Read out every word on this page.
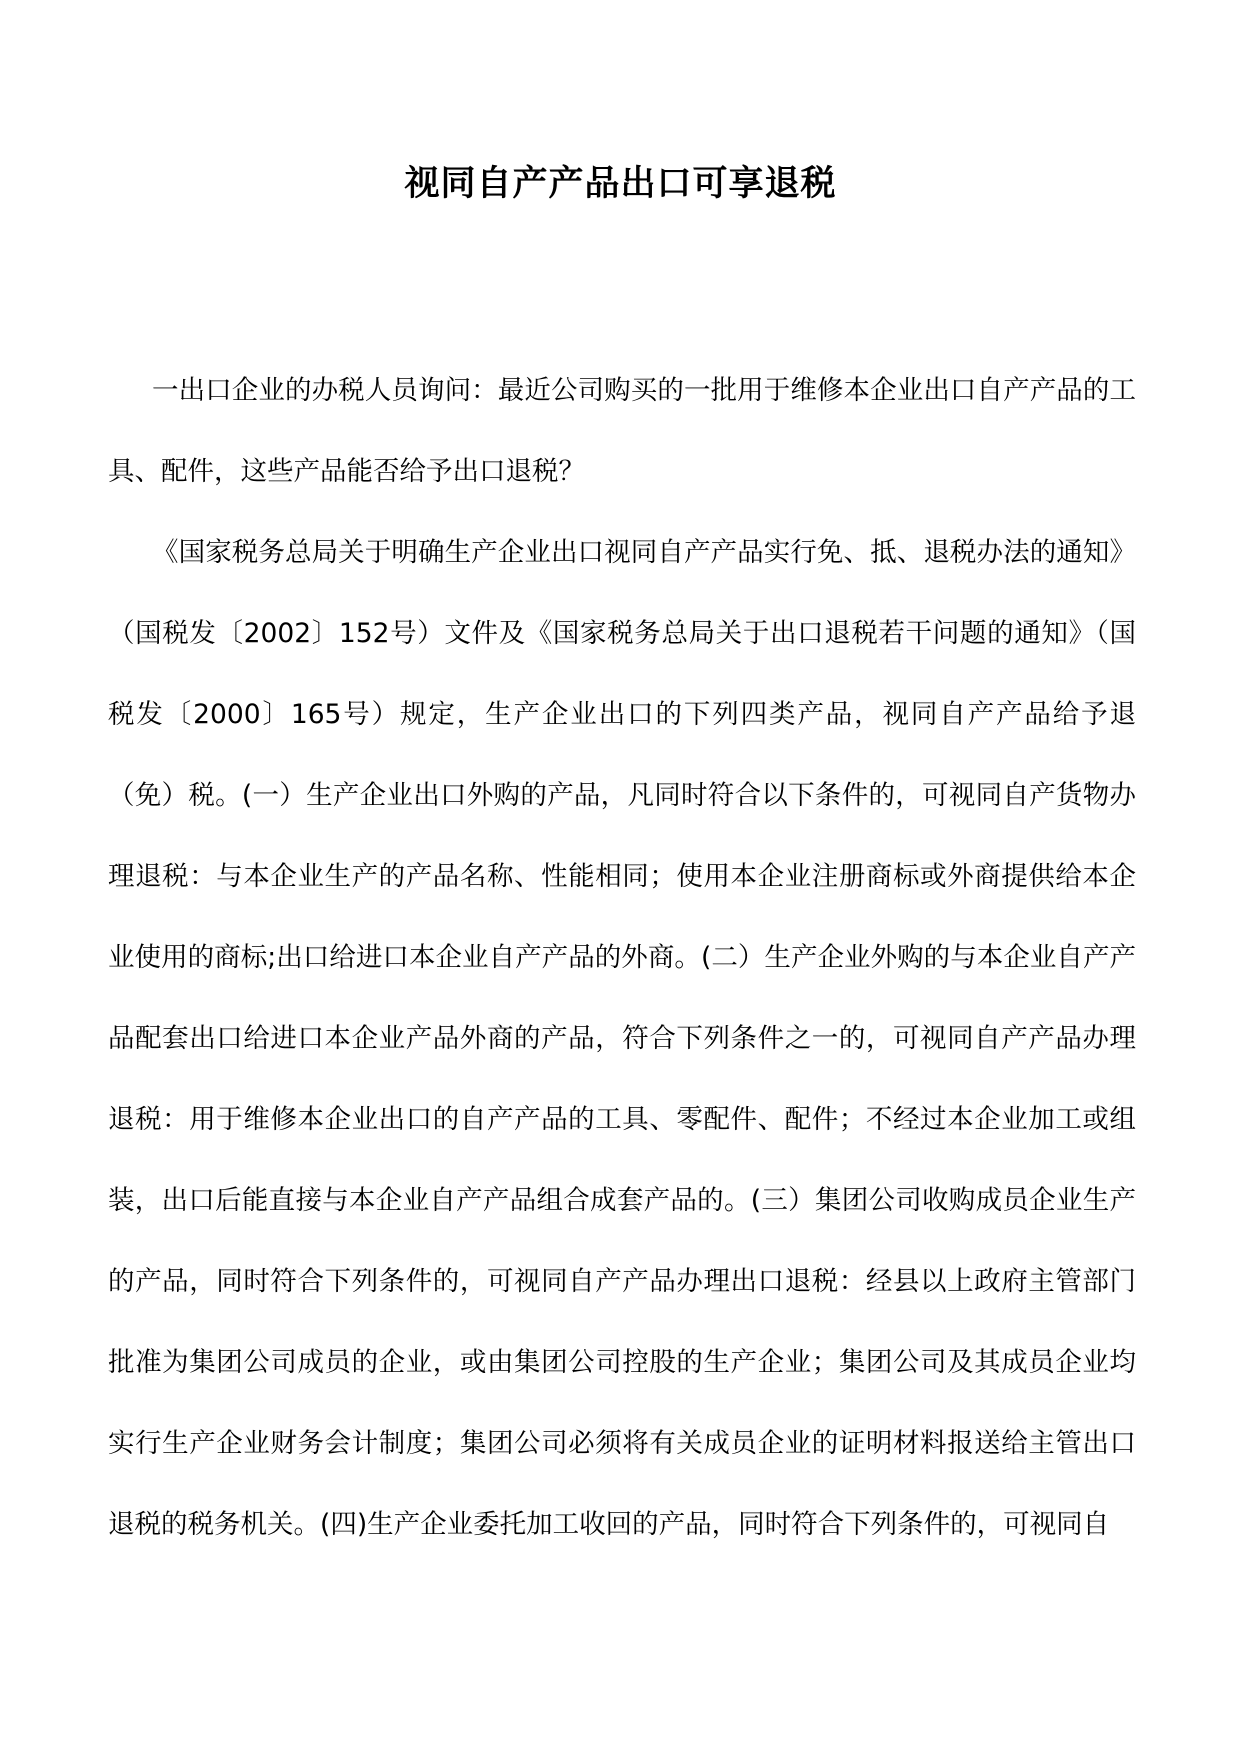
视同自产产品出口可享退税

一出口企业的办税人员询问：最近公司购买的一批用于维修本企业出口自产产品的工具、配件，这些产品能否给予出口退税？

《国家税务总局关于明确生产企业出口视同自产产品实行免、抵、退税办法的通知》（国税发〔2002〕152号）文件及《国家税务总局关于出口退税若干问题的通知》（国税发〔2000〕165号）规定，生产企业出口的下列四类产品，视同自产产品给予退（免）税。(一）生产企业出口外购的产品，凡同时符合以下条件的，可视同自产货物办理退税：与本企业生产的产品名称、性能相同；使用本企业注册商标或外商提供给本企业使用的商标;出口给进口本企业自产产品的外商。(二）生产企业外购的与本企业自产产品配套出口给进口本企业产品外商的产品，符合下列条件之一的，可视同自产产品办理退税：用于维修本企业出口的自产产品的工具、零配件、配件；不经过本企业加工或组装，出口后能直接与本企业自产产品组合成套产品的。(三）集团公司收购成员企业生产的产品，同时符合下列条件的，可视同自产产品办理出口退税：经县以上政府主管部门批准为集团公司成员的企业，或由集团公司控股的生产企业；集团公司及其成员企业均实行生产企业财务会计制度；集团公司必须将有关成员企业的证明材料报送给主管出口退税的税务机关。(四)生产企业委托加工收回的产品，同时符合下列条件的，可视同自
